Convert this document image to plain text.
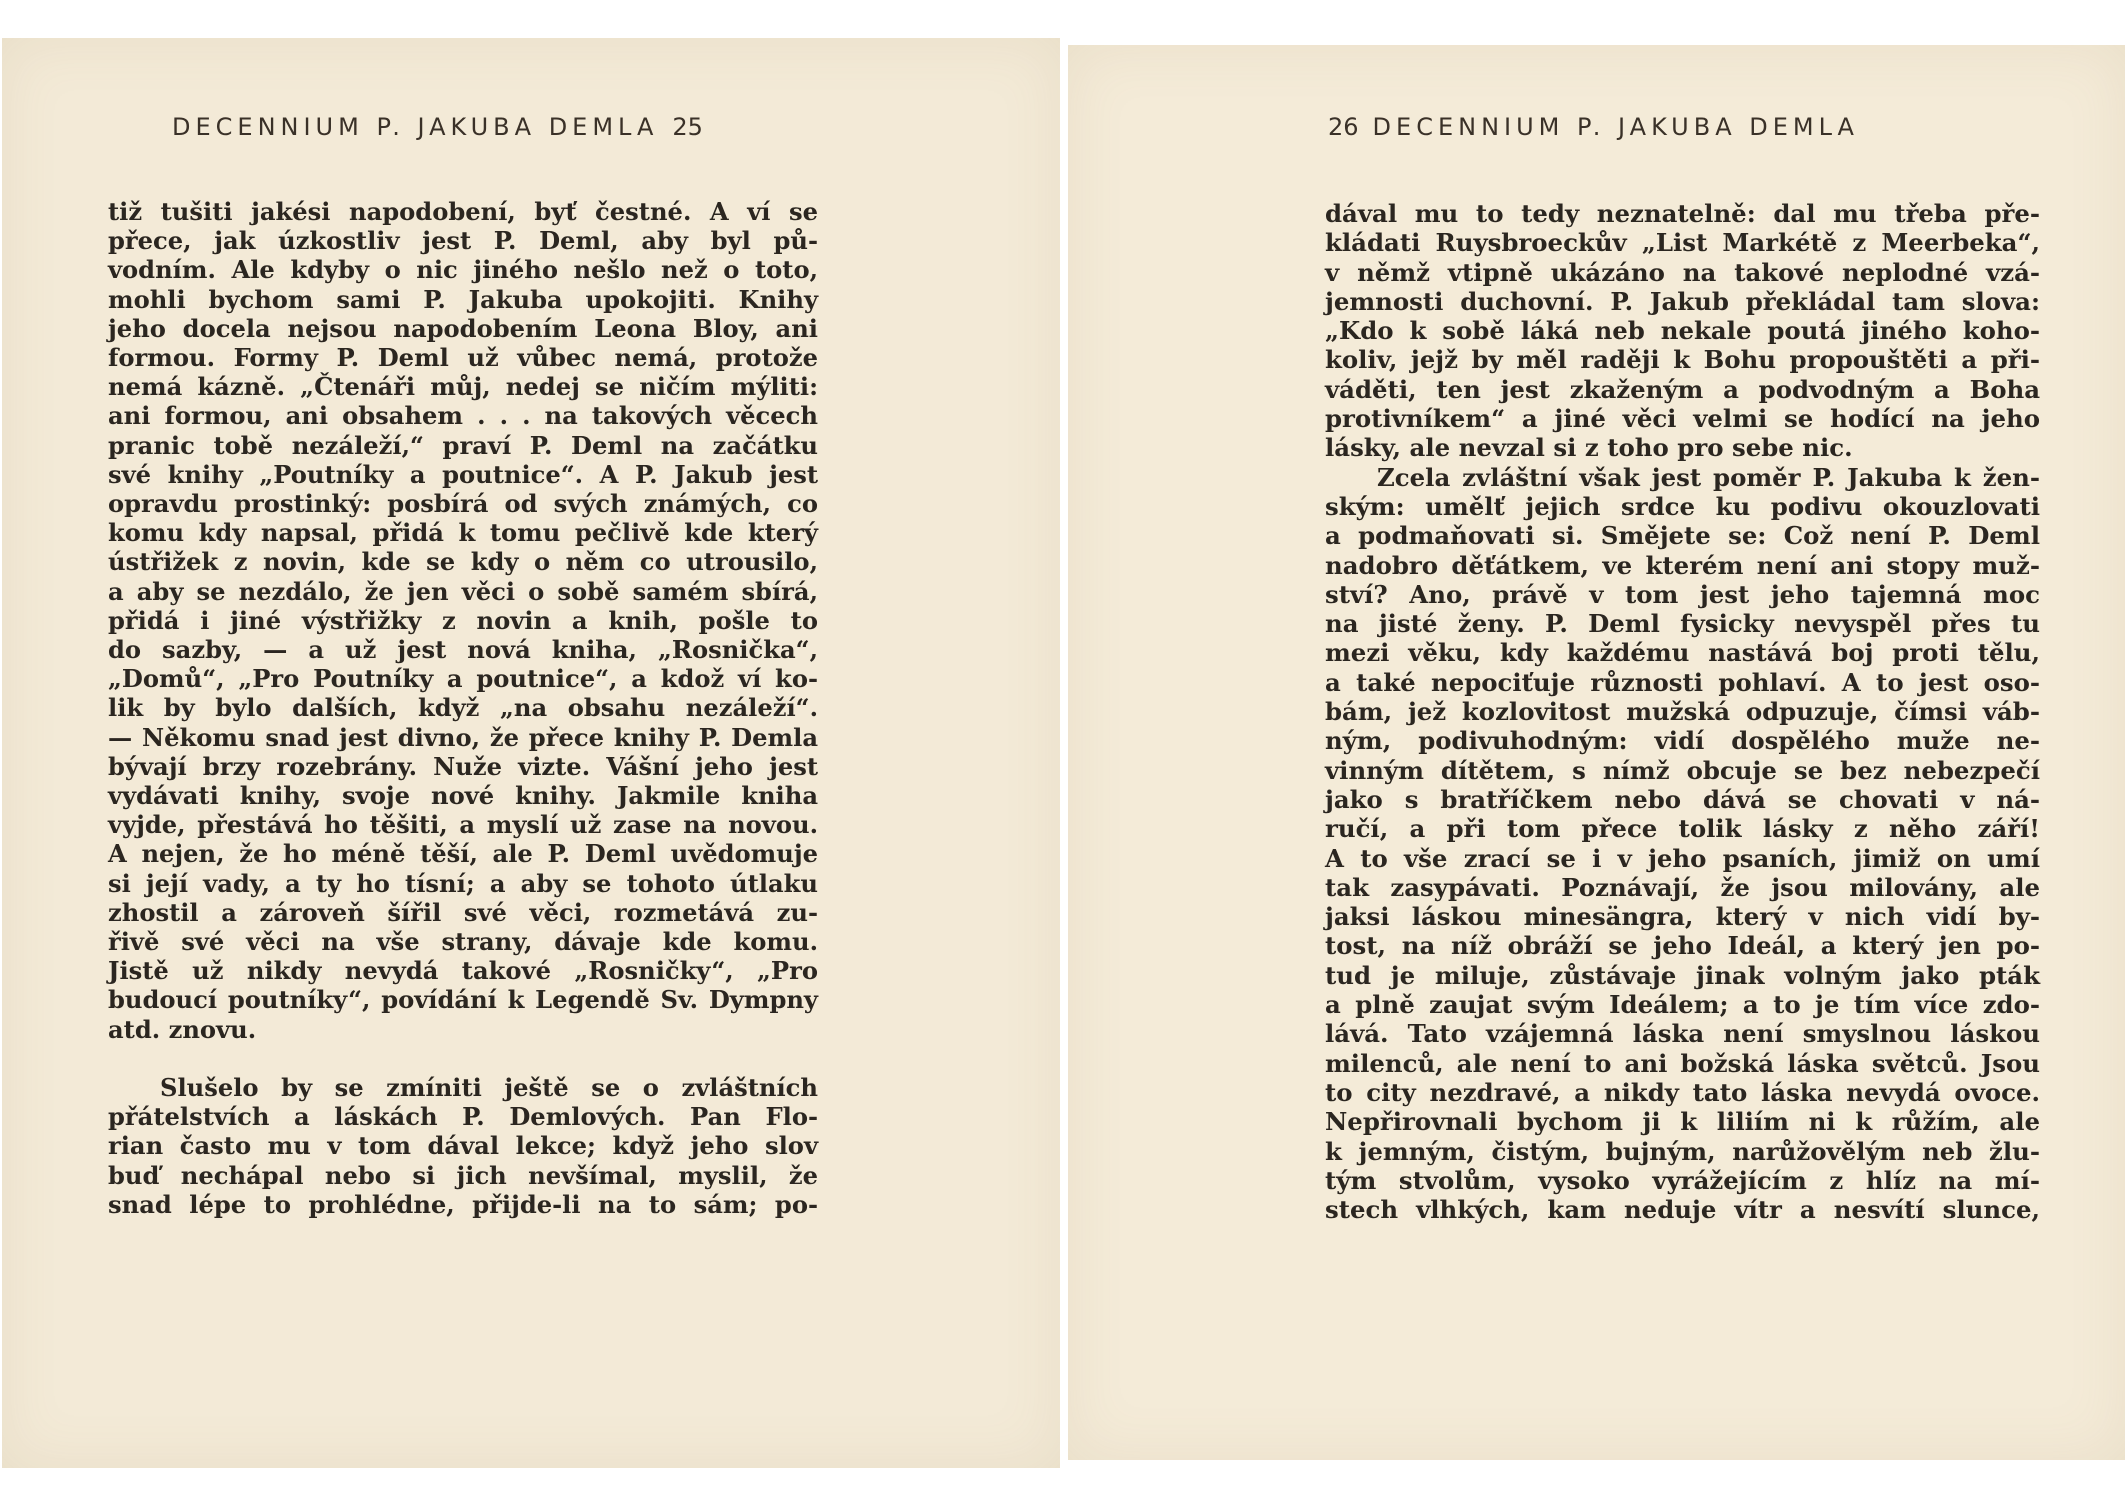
DECENNIUM P. JAKUBA DEMLA 25	26 DECENNIUM P. JAKUBA DEMLA
tiž tušiti jakési napodobení, byť čestné. A ví se
přece, jak úzkostliv jest P. Deml, aby byl pů-
vodním. Ale kdyby o nic jiného nešlo než o toto,
mohli bychom sami P. Jakuba upokojiti. Knihy
jeho docela nejsou napodobením Leona Bloy, ani
formou. Formy P. Deml už vůbec nemá, protože
nemá kázně. „Čtenáři můj, nedej se ničím mýliti:
ani formou, ani obsahem . . . na takových věcech
pranic tobě nezáleží,“ praví P. Deml na začátku
své knihy „Poutníky a poutnice“. A P. Jakub jest
opravdu prostinký: posbírá od svých známých, co
komu kdy napsal, přidá k tomu pečlivě kde který
ústřižek z novin, kde se kdy o něm co utrousilo,
a aby se nezdálo, že jen věci o sobě samém sbírá,
přidá i jiné výstřižky z novin a knih, pošle to
do sazby, — a už jest nová kniha, „Rosnička“,
„Domů“, „Pro Poutníky a poutnice“, a kdož ví ko-
lik by bylo dalších, když „na obsahu nezáleží“.
— Někomu snad jest divno, že přece knihy P. Demla
bývají brzy rozebrány. Nuže vizte. Vášní jeho jest
vydávati knihy, svoje nové knihy. Jakmile kniha
vyjde, přestává ho těšiti, a myslí už zase na novou.
A nejen, že ho méně těší, ale P. Deml uvědomuje
si její vady, a ty ho tísní; a aby se tohoto útlaku
zhostil a zároveň šířil své věci, rozmetává zu-
řivě své věci na vše strany, dávaje kde komu.
Jistě už nikdy nevydá takové „Rosničky“, „Pro
budoucí poutníky“, povídání k Legendě Sv. Dympny
atd. znovu.
Slušelo by se zmíniti ještě se o zvláštních
přátelstvích a láskách P. Demlových. Pan Flo-
rian často mu v tom dával lekce; když jeho slov
buď nechápal nebo si jich nevšímal, myslil, že
snad lépe to prohlédne, přijde-li na to sám; po-
dával mu to tedy neznatelně: dal mu třeba pře-
kládati Ruysbroeckův „List Markétě z Meerbeka“,
v němž vtipně ukázáno na takové neplodné vzá-
jemnosti duchovní. P. Jakub překládal tam slova:
„Kdo k sobě láká neb nekale poutá jiného koho-
koliv, jejž by měl raději k Bohu propouštěti a při-
váděti, ten jest zkaženým a podvodným a Boha
protivníkem“ a jiné věci velmi se hodící na jeho
lásky, ale nevzal si z toho pro sebe nic.
Zcela zvláštní však jest poměr P. Jakuba k žen-
ským: umělť jejich srdce ku podivu okouzlovati
a podmaňovati si. Smějete se: Což není P. Deml
nadobro děťátkem, ve kterém není ani stopy muž-
ství? Ano, právě v tom jest jeho tajemná moc
na jisté ženy. P. Deml fysicky nevyspěl přes tu
mezi věku, kdy každému nastává boj proti tělu,
a také nepociťuje různosti pohlaví. A to jest oso-
bám, jež kozlovitost mužská odpuzuje, čímsi váb-
ným, podivuhodným: vidí dospělého muže ne-
vinným dítětem, s nímž obcuje se bez nebezpečí
jako s bratříčkem nebo dává se chovati v ná-
ručí, a při tom přece tolik lásky z něho září!
A to vše zrací se i v jeho psaních, jimiž on umí
tak zasypávati. Poznávají, že jsou milovány, ale
jaksi láskou minesängra, který v nich vidí by-
tost, na níž obráží se jeho Ideál, a který jen po-
tud je miluje, zůstávaje jinak volným jako pták
a plně zaujat svým Ideálem; a to je tím více zdo-
lává. Tato vzájemná láska není smyslnou láskou
milenců, ale není to ani božská láska světců. Jsou
to city nezdravé, a nikdy tato láska nevydá ovoce.
Nepřirovnali bychom ji k liliím ni k růžím, ale
k jemným, čistým, bujným, narůžovělým neb žlu-
tým stvolům, vysoko vyrážejícím z hlíz na mí-
stech vlhkých, kam neduje vítr a nesvítí slunce,
